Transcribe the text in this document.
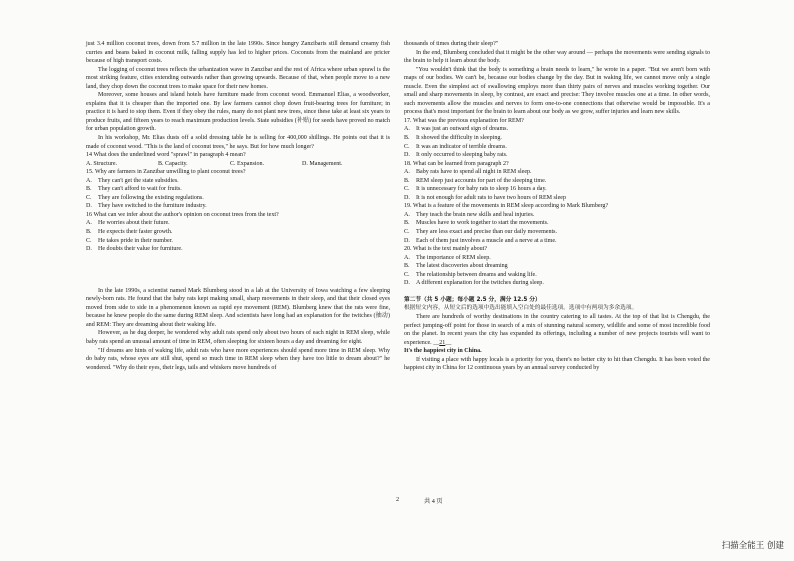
just 3.4 million coconut trees, down from 5.7 million in the late 1990s. Since hungry Zanzibaris still demand creamy fish curries and beans baked in coconut milk, falling supply has led to higher prices. Coconuts from the mainland are pricier because of high transport costs.

The logging of coconut trees reflects the urbanization wave in Zanzibar and the rest of Africa where urban sprawl is the most striking feature, cities extending outwards rather than growing upwards. Because of that, when people move to a new land, they chop down the coconut trees to make space for their new homes.

Moreover, some houses and island hotels have furniture made from coconut wood. Emmanuel Elias, a woodworker, explains that it is cheaper than the imported one. By law farmers cannot chop down fruit-bearing trees for furniture; in practice it is hard to stop them. Even if they obey the rules, many do not plant new trees, since these take at least six years to produce fruits, and fifteen years to reach maximum production levels. State subsidies (补贴) for seeds have proved no match for urban population growth.

In his workshop, Mr. Elias dusts off a solid dressing table he is selling for 400,000 shillings. He points out that it is made of coconut wood. "This is the land of coconut trees," he says. But for how much longer?

14 What does the underlined word "sprawl" in paragraph 4 mean?

A. Structure.	B. Capacity.	C. Expansion.	D. Management.

15. Why are farmers in Zanzibar unwilling to plant coconut trees?

A. They can't get the state subsidies.

B. They can't afford to wait for fruits.

C. They are following the existing regulations.

D. They have switched to the furniture industry.

16 What can we infer about the author's opinion on coconut trees from the text?

A. He worries about their future.

B. He expects their faster growth.

C. He takes pride in their number.

D. He doubts their value for furniture.

In the late 1990s, a scientist named Mark Blumberg stood in a lab at the University of Iowa watching a few sleeping newly-born rats. He found that the baby rats kept making small, sharp movements in their sleep, and that their closed eyes moved from side to side in a phenomenon known as rapid eye movement (REM). Blumberg knew that the rats were fine, because he knew people do the same during REM sleep. And scientists have long had an explanation for the twitches (抽动) and REM: They are dreaming about their waking life.

However, as he dug deeper, he wondered why adult rats spend only about two hours of each night in REM sleep, while baby rats spend an unusual amount of time in REM, often sleeping for sixteen hours a day and dreaming for eight.

"If dreams are hints of waking life, adult rats who have more experiences should spend more time in REM sleep. Why do baby rats, whose eyes are still shut, spend so much time in REM sleep when they have too little to dream about?" he wondered. "Why do their eyes, their legs, tails and whiskers move hundreds of

thousands of times during their sleep?"

In the end, Blumberg concluded that it might be the other way around — perhaps the movements were sending signals to the brain to help it learn about the body.

"You wouldn't think that the body is something a brain needs to learn," he wrote in a paper. "But we aren't born with maps of our bodies. We can't be, because our bodies change by the day. But in waking life, we cannot move only a single muscle. Even the simplest act of swallowing employs more than thirty pairs of nerves and muscles working together. Our small and sharp movements in sleep, by contrast, are exact and precise: They involve muscles one at a time. In other words, such movements allow the muscles and nerves to form one-to-one connections that otherwise would be impossible. It's a process that's most important for the brain to learn about our body as we grow, suffer injuries and learn new skills.

17. What was the previous explanation for REM?

A. It was just an outward sign of dreams.

B. It showed the difficulty in sleeping.

C. It was an indicator of terrible dreams.

D. It only occurred to sleeping baby rats.

18. What can be learned from paragraph 2?

A. Baby rats have to spend all night in REM sleep.

B. REM sleep just accounts for part of the sleeping time.

C. It is unnecessary for baby rats to sleep 16 hours a day.

D. It is not enough for adult rats to have two hours of REM sleep

19. What is a feature of the movements in REM sleep according to Mark Blumberg?

A. They teach the brain new skills and heal injuries.

B. Muscles have to work together to start the movements.

C. They are less exact and precise than our daily movements.

D. Each of them just involves a muscle and a nerve at a time.

20. What is the text mainly about?

A. The importance of REM sleep.

B. The latest discoveries about dreaming

C. The relationship between dreams and waking life.

D. A different explanation for the twitches during sleep.

第二节（共 5 小题；每小题 2.5 分，满分 12.5 分）

根据短文内容，从短文后的选项中选出能填入空白处的最佳选项。选项中有两项为多余选项。

There are hundreds of worthy destinations in the country catering to all tastes. At the top of that list is Chengdu, the perfect jumping-off point for those in search of a mix of stunning natural scenery, wildlife and some of most incredible food on the planet. In recent years the city has expanded its offerings, including a number of new projects tourists will want to experience. __21__

It's the happiest city in China.

If visiting a place with happy locals is a priority for you, there's no better city to hit than Chengdu. It has been voted the happiest city in China for 12 continuous years by an annual survey conducted by

2	共 4 页
扫描全能王 创建
